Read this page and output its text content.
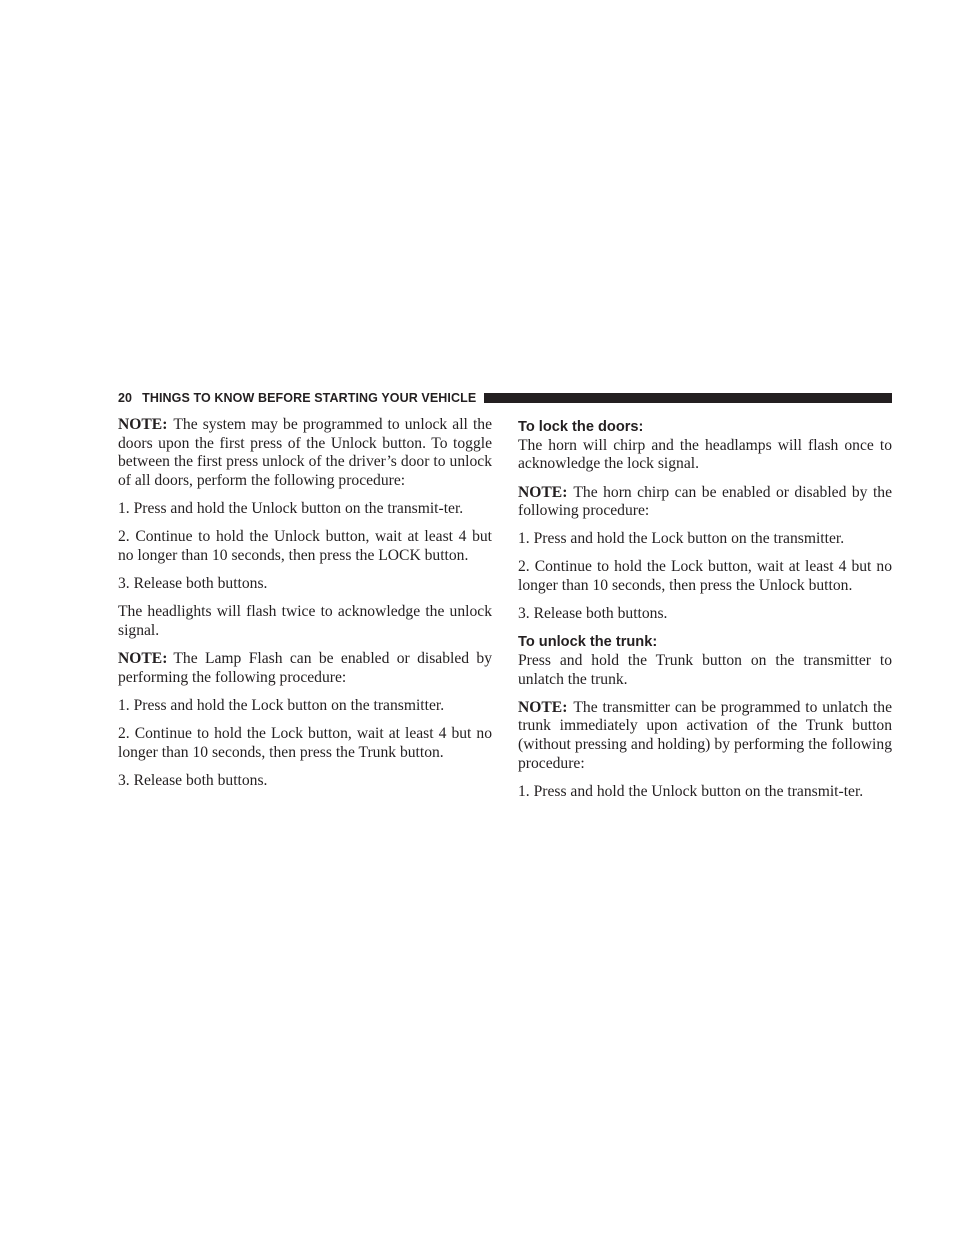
20 THINGS TO KNOW BEFORE STARTING YOUR VEHICLE

NOTE: The system may be programmed to unlock all the doors upon the first press of the Unlock button. To toggle between the first press unlock of the driver’s door to unlock of all doors, perform the following procedure:

1. Press and hold the Unlock button on the transmit-ter.

2. Continue to hold the Unlock button, wait at least 4 but no longer than 10 seconds, then press the LOCK button.

3. Release both buttons.

The headlights will flash twice to acknowledge the unlock signal.

NOTE: The Lamp Flash can be enabled or disabled by performing the following procedure:

1. Press and hold the Lock button on the transmitter.

2. Continue to hold the Lock button, wait at least 4 but no longer than 10 seconds, then press the Trunk button.

3. Release both buttons.

To lock the doors:

The horn will chirp and the headlamps will flash once to acknowledge the lock signal.

NOTE: The horn chirp can be enabled or disabled by the following procedure:

1. Press and hold the Lock button on the transmitter.

2. Continue to hold the Lock button, wait at least 4 but no longer than 10 seconds, then press the Unlock button.

3. Release both buttons.

To unlock the trunk:

Press and hold the Trunk button on the transmitter to unlatch the trunk.

NOTE: The transmitter can be programmed to unlatch the trunk immediately upon activation of the Trunk button (without pressing and holding) by performing the following procedure:

1. Press and hold the Unlock button on the transmit-ter.
